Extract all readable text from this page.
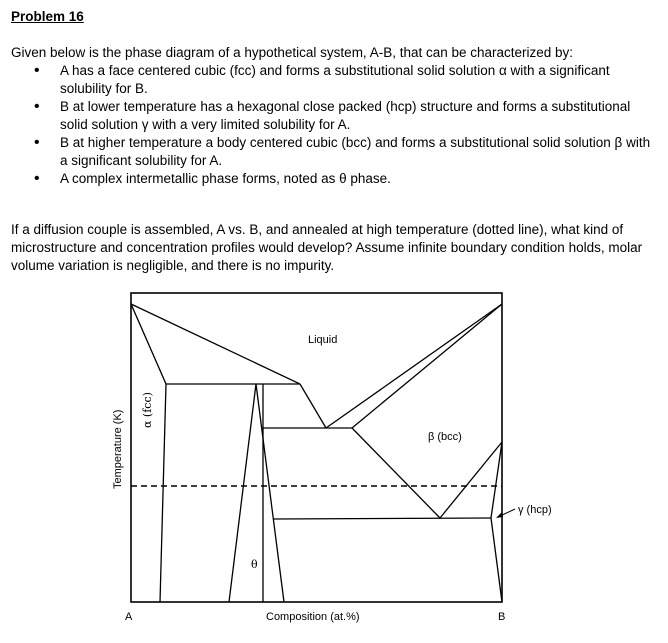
Problem 16
Given below is the phase diagram of a hypothetical system, A-B, that can be characterized by:
• A has a face centered cubic (fcc) and forms a substitutional solid solution α with a significant solubility for B.
• B at lower temperature has a hexagonal close packed (hcp) structure and forms a substitutional solid solution γ with a very limited solubility for A.
• B at higher temperature a body centered cubic (bcc) and forms a substitutional solid solution β with a significant solubility for A.
• A complex intermetallic phase forms, noted as θ phase.
If a diffusion couple is assembled, A vs. B, and annealed at high temperature (dotted line), what kind of microstructure and concentration profiles would develop? Assume infinite boundary condition holds, molar volume variation is negligible, and there is no impurity.
Liquid
α (fcc)
β (bcc)
γ (hcp)
θ
Temperature (K)
Composition (at.%)
A	B
